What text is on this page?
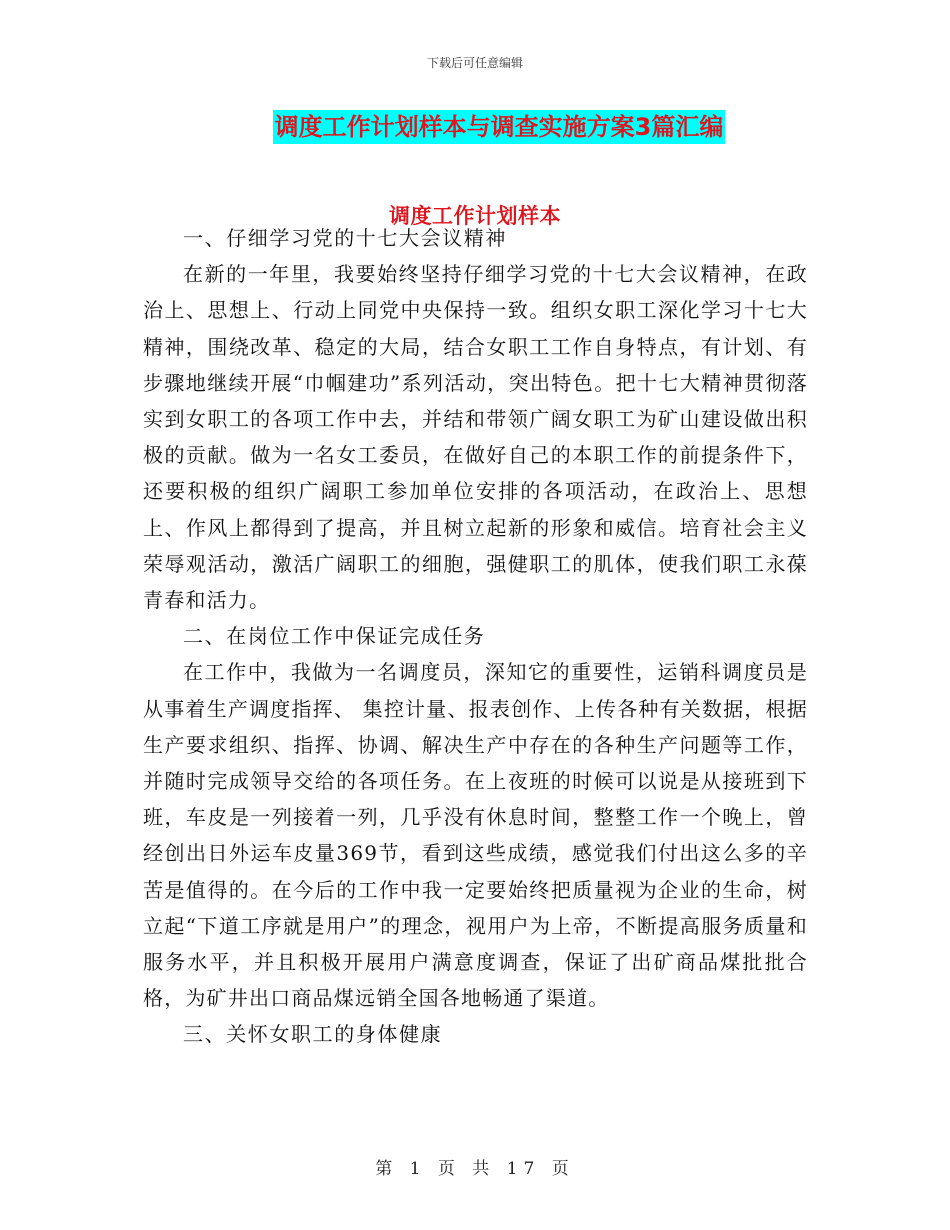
下载后可任意编辑
调度工作计划样本与调查实施方案3篇汇编
调度工作计划样本

一、仔细学习党的十七大会议精神

在新的一年里，我要始终坚持仔细学习党的十七大会议精神，在政治上、思想上、行动上同党中央保持一致。组织女职工深化学习十七大精神，围绕改革、稳定的大局，结合女职工工作自身特点，有计划、有步骤地继续开展“巾帼建功”系列活动，突出特色。把十七大精神贯彻落实到女职工的各项工作中去，并结和带领广阔女职工为矿山建设做出积极的贡献。做为一名女工委员，在做好自己的本职工作的前提条件下，还要积极的组织广阔职工参加单位安排的各项活动，在政治上、思想上、作风上都得到了提高，并且树立起新的形象和威信。培育社会主义荣辱观活动，激活广阔职工的细胞，强健职工的肌体，使我们职工永葆青春和活力。

二、在岗位工作中保证完成任务

在工作中，我做为一名调度员，深知它的重要性，运销科调度员是从事着生产调度指挥、 集控计量、报表创作、上传各种有关数据，根据生产要求组织、指挥、协调、解决生产中存在的各种生产问题等工作，并随时完成领导交给的各项任务。在上夜班的时候可以说是从接班到下班，车皮是一列接着一列，几乎没有休息时间，整整工作一个晚上，曾经创出日外运车皮量369节，看到这些成绩，感觉我们付出这么多的辛苦是值得的。在今后的工作中我一定要始终把质量视为企业的生命，树立起“下道工序就是用户”的理念，视用户为上帝，不断提高服务质量和服务水平，并且积极开展用户满意度调查，保证了出矿商品煤批批合格，为矿井出口商品煤远销全国各地畅通了渠道。

三、关怀女职工的身体健康

第 1 页 共 17 页
